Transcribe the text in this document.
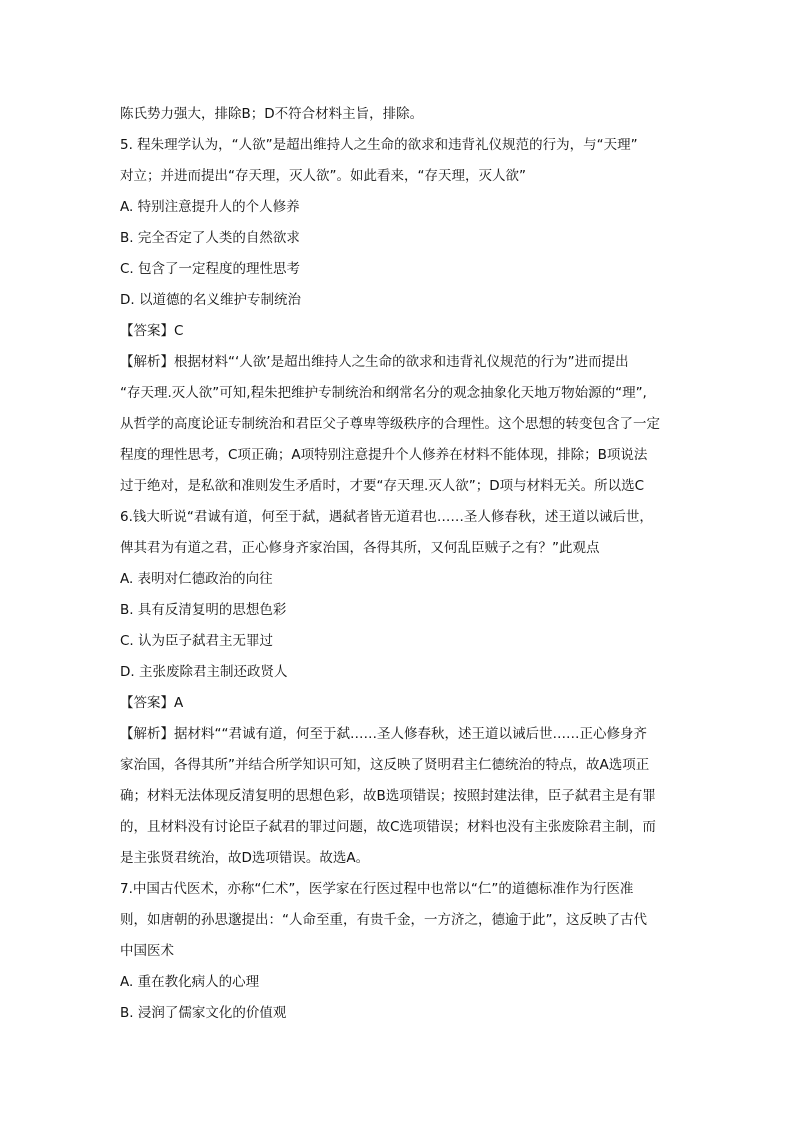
陈氏势力强大，排除B；D不符合材料主旨，排除。
5. 程朱理学认为，“人欲”是超出维持人之生命的欲求和违背礼仪规范的行为，与“天理”
对立；并进而提出“存天理，灭人欲”。如此看来，“存天理，灭人欲”
A. 特别注意提升人的个人修养
B. 完全否定了人类的自然欲求
C. 包含了一定程度的理性思考
D. 以道德的名义维护专制统治
【答案】C
【解析】根据材料“‘人欲’是超出维持人之生命的欲求和违背礼仪规范的行为”进而提出
“存天理.灭人欲”可知,程朱把维护专制统治和纲常名分的观念抽象化天地万物始源的“理”,
从哲学的高度论证专制统治和君臣父子尊卑等级秩序的合理性。这个思想的转变包含了一定
程度的理性思考，C项正确；A项特别注意提升个人修养在材料不能体现，排除；B项说法
过于绝对，是私欲和准则发生矛盾时，才要“存天理.灭人欲”；D项与材料无关。所以选C
6.钱大昕说“君诚有道，何至于弑，遇弑者皆无道君也……圣人修春秋，述王道以诫后世，
俾其君为有道之君，正心修身齐家治国，各得其所，又何乱臣贼子之有？”此观点
A. 表明对仁德政治的向往
B. 具有反清复明的思想色彩
C. 认为臣子弑君主无罪过
D. 主张废除君主制还政贤人
【答案】A
【解析】据材料““君诚有道，何至于弑……圣人修春秋，述王道以诫后世……正心修身齐
家治国，各得其所”并结合所学知识可知，这反映了贤明君主仁德统治的特点，故A选项正
确；材料无法体现反清复明的思想色彩，故B选项错误；按照封建法律，臣子弑君主是有罪
的，且材料没有讨论臣子弑君的罪过问题，故C选项错误；材料也没有主张废除君主制，而
是主张贤君统治，故D选项错误。故选A。
7.中国古代医术，亦称“仁术”，医学家在行医过程中也常以“仁”的道德标准作为行医准
则，如唐朝的孙思邈提出：“人命至重，有贵千金，一方济之，德逾于此”，这反映了古代
中国医术
A. 重在教化病人的心理
B. 浸润了儒家文化的价值观
